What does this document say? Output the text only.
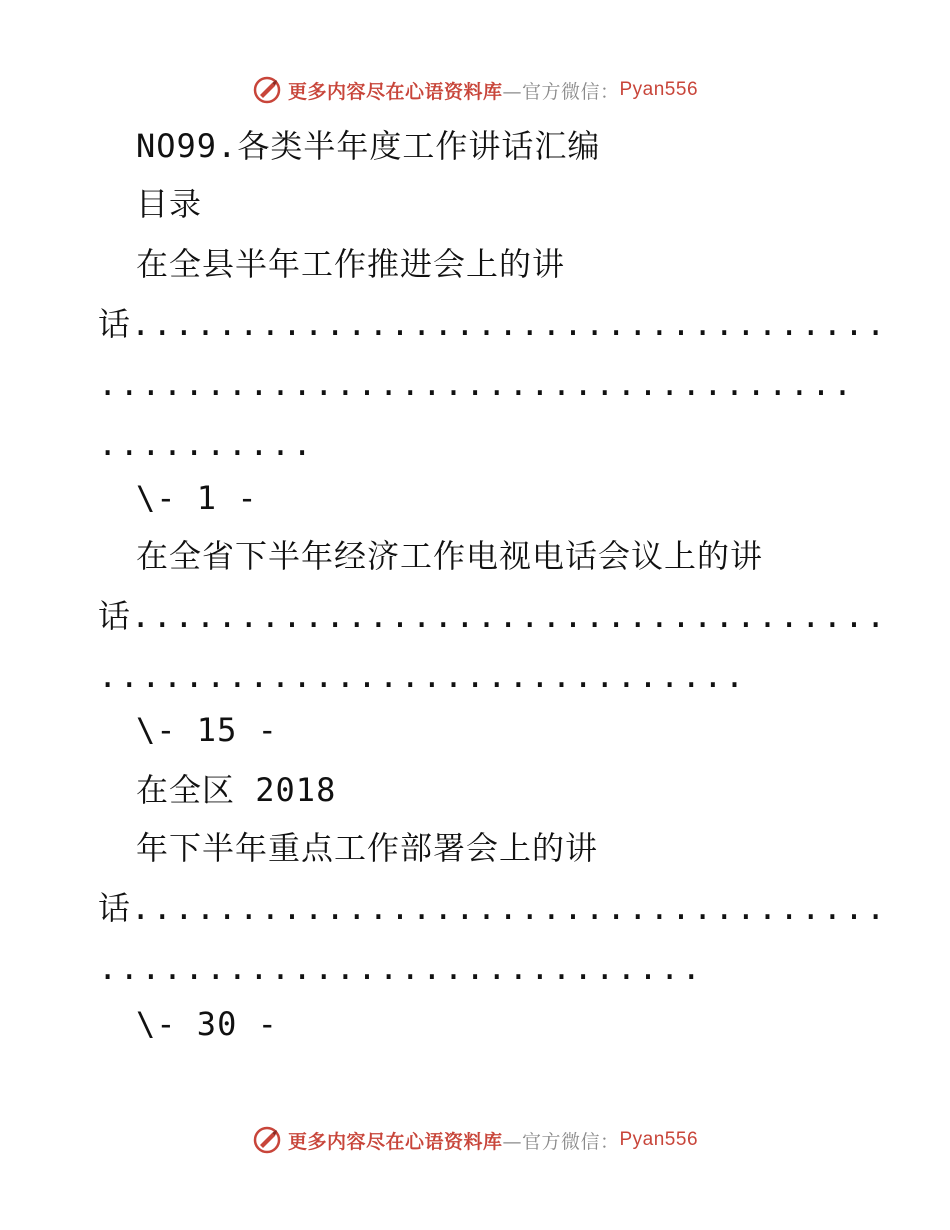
更多内容尽在心语资料库 —官方微信： Pyan556
NO99.各类半年度工作讲话汇编
目录
在全县半年工作推进会上的讲
话...................................
...................................
..........
\- 1 -
在全省下半年经济工作电视电话会议上的讲
话...................................
..............................
\- 15 -
在全区 2018
年下半年重点工作部署会上的讲
话...................................
............................
\- 30 -
更多内容尽在心语资料库 —官方微信： Pyan556
